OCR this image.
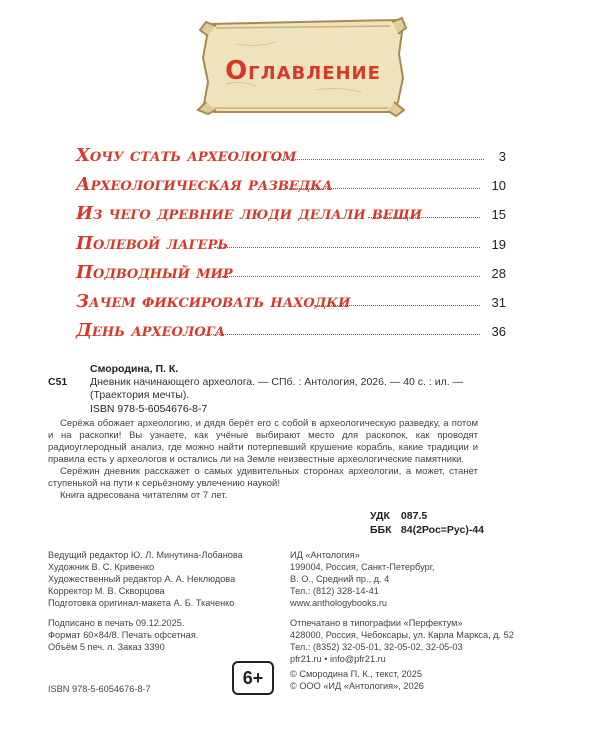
Оглавление
Хочу стать археологом	3
Археологическая разведка	10
Из чего древние люди делали вещи	15
Полевой лагерь	19
Подводный мир	28
Зачем фиксировать находки	31
День археолога	36
Смородина, П. К.
С51 Дневник начинающего археолога. — СПб. : Антология, 2026. — 40 с. : ил. — (Траектория мечты).
ISBN 978-5-6054676-8-7

Серёжа обожает археологию, и дядя берёт его с собой в археологическую разведку, а потом и на раскопки! Вы узнаете, как учёные выбирают место для раскопок, как проводят радиоуглеродный анализ, где можно найти потерпевший крушение корабль, какие традиции и правила есть у археологов и остались ли на Земле неизвестные археологические памятники.

Серёжин дневник расскажет о самых удивительных сторонах археологии, а может, станет ступенькой на пути к серьёзному увлечению наукой!

Книга адресована читателям от 7 лет.

УДК 087.5
ББК 84(2Рос=Рус)-44
Ведущий редактор Ю. Л. Минутина-Лобанова
Художник В. С. Кривенко
Художественный редактор А. А. Неклюдова
Корректор М. В. Скворцова
Подготовка оригинал-макета А. Б. Ткаченко
ИД «Антология»
199004, Россия, Санкт-Петербург,
В. О., Средний пр., д. 4
Тел.: (812) 328-14-41
www.anthologybooks.ru
Подписано в печать 09.12.2025.
Формат 60×84/8. Печать офсетная.
Объём 5 печ. л. Заказ 3390
Отпечатано в типографии «Перфектум»
428000, Россия, Чебоксары, ул. Карла Маркса, д. 52
Тел.: (8352) 32-05-01, 32-05-02, 32-05-03
pfr21.ru • info@pfr21.ru
© Смородина П. К., текст, 2025
© ООО «ИД «Антология», 2026
6+
ISBN 978-5-6054676-8-7
